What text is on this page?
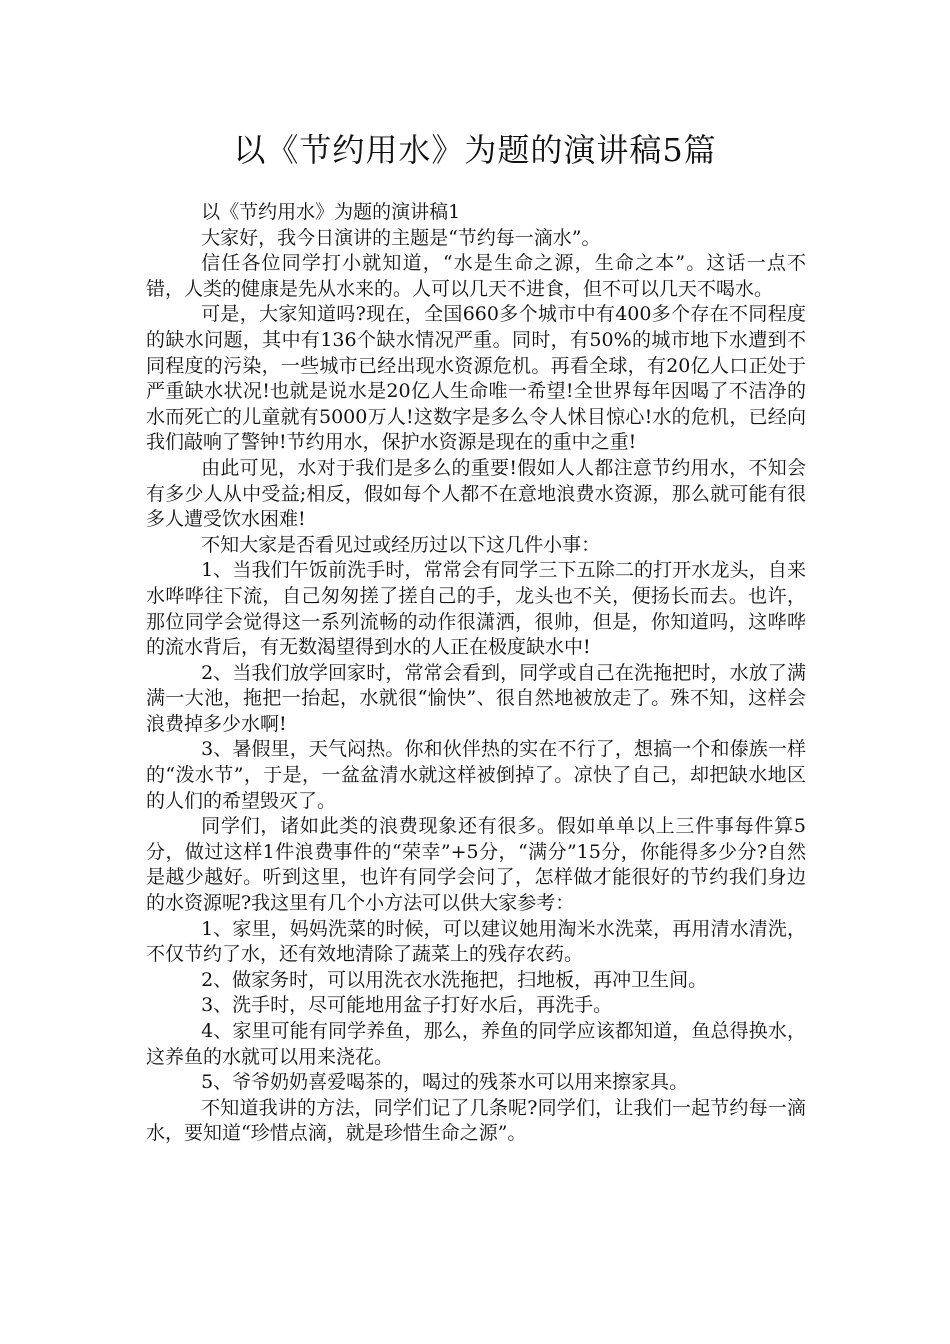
以《节约用水》为题的演讲稿5篇

以《节约用水》为题的演讲稿1

大家好，我今日演讲的主题是“节约每一滴水”。

信任各位同学打小就知道，“水是生命之源，生命之本”。这话一点不错，人类的健康是先从水来的。人可以几天不进食，但不可以几天不喝水。

可是，大家知道吗?现在，全国660多个城市中有400多个存在不同程度的缺水问题，其中有136个缺水情况严重。同时，有50%的城市地下水遭到不同程度的污染，一些城市已经出现水资源危机。再看全球，有20亿人口正处于严重缺水状况!也就是说水是20亿人生命唯一希望!全世界每年因喝了不洁净的水而死亡的儿童就有5000万人!这数字是多么令人怵目惊心!水的危机，已经向我们敲响了警钟!节约用水，保护水资源是现在的重中之重!

由此可见，水对于我们是多么的重要!假如人人都注意节约用水，不知会有多少人从中受益;相反，假如每个人都不在意地浪费水资源，那么就可能有很多人遭受饮水困难!

不知大家是否看见过或经历过以下这几件小事：

1、当我们午饭前洗手时，常常会有同学三下五除二的打开水龙头，自来水哗哗往下流，自己匆匆搓了搓自己的手，龙头也不关，便扬长而去。也许，那位同学会觉得这一系列流畅的动作很潇洒，很帅，但是，你知道吗，这哗哗的流水背后，有无数渴望得到水的人正在极度缺水中!

2、当我们放学回家时，常常会看到，同学或自己在洗拖把时，水放了满满一大池，拖把一抬起，水就很“愉快”、很自然地被放走了。殊不知，这样会浪费掉多少水啊!

3、暑假里，天气闷热。你和伙伴热的实在不行了，想搞一个和傣族一样的“泼水节”，于是，一盆盆清水就这样被倒掉了。凉快了自己，却把缺水地区的人们的希望毁灭了。

同学们，诸如此类的浪费现象还有很多。假如单单以上三件事每件算5分，做过这样1件浪费事件的“荣幸”+5分，“满分”15分，你能得多少分?自然是越少越好。听到这里，也许有同学会问了，怎样做才能很好的节约我们身边的水资源呢?我这里有几个小方法可以供大家参考：

1、家里，妈妈洗菜的时候，可以建议她用淘米水洗菜，再用清水清洗，不仅节约了水，还有效地清除了蔬菜上的残存农药。

2、做家务时，可以用洗衣水洗拖把，扫地板，再冲卫生间。

3、洗手时，尽可能地用盆子打好水后，再洗手。

4、家里可能有同学养鱼，那么，养鱼的同学应该都知道，鱼总得换水，这养鱼的水就可以用来浇花。

5、爷爷奶奶喜爱喝茶的，喝过的残茶水可以用来擦家具。

不知道我讲的方法，同学们记了几条呢?同学们，让我们一起节约每一滴水，要知道“珍惜点滴，就是珍惜生命之源”。
